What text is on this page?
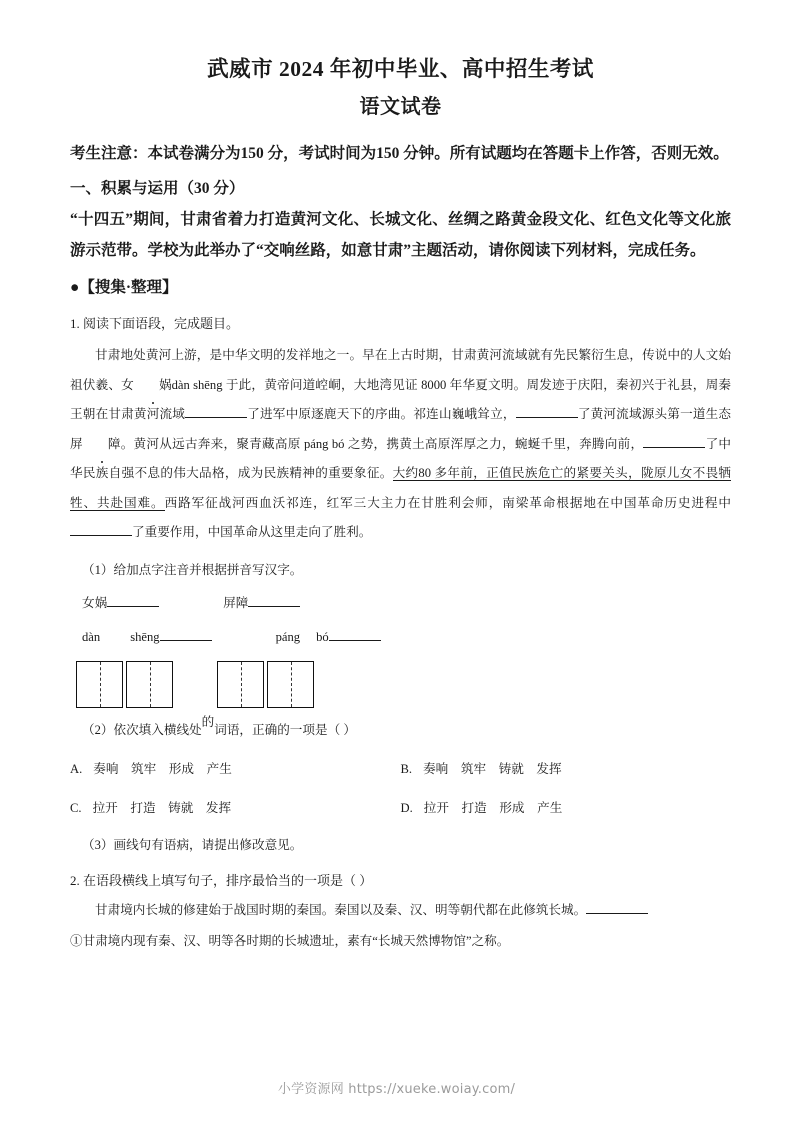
武威市 2024 年初中毕业、高中招生考试
语文试卷
考生注意：本试卷满分为150 分，考试时间为150 分钟。所有试题均在答题卡上作答，否则无效。
一、积累与运用（30 分）
“十四五”期间，甘肃省着力打造黄河文化、长城文化、丝绸之路黄金段文化、红色文化等文化旅游示范带。学校为此举办了“交响丝路，如意甘肃”主题活动，请你阅读下列材料，完成任务。
●【搜集·整理】
1. 阅读下面语段，完成题目。
甘肃地处黄河上游，是中华文明的发祥地之一。早在上古时期，甘肃黄河流域就有先民繁衍生息，传说中的人文始祖伏羲、女 娲dàn shēng 于此，黄帝问道崆峒，大地湾见证 8000 年华夏文明。周发迹于庆阳，秦初兴于礼县，周秦王朝在甘肃黄河流域	了进军中原逐鹿天下的序曲。祁连山巍峨耸立，	了黄河流域源头第一道生态屏 障。黄河从远古奔来，聚青藏高原 páng bó 之势，携黄土高原浑厚之力，蜿蜒千里，奔腾向前，	了中华民族自强不息的伟大品格，成为民族精神的重要象征。大约80 多年前，正值民族危亡的紧要关头，陇原儿女不畏牺牲、共赴国难。西路军征战河西血沃祁连，红军三大主力在甘胜利会师，南梁革命根据地在中国革命历史进程中了重要作用，中国革命从这里走向了胜利。
（1）给加点字注音并根据拼音写汉字。
女娲	屏障
dàn shēng	páng bó
（2）依次填入横线处的词语，正确的一项是（ ）
A. 奏响　筑牢　形成　产生	B. 奏响　筑牢　铸就　发挥
C. 拉开　打造　铸就　发挥	D. 拉开　打造　形成　产生
（3）画线句有语病，请提出修改意见。
2. 在语段横线上填写句子，排序最恰当的一项是（ ）
甘肃境内长城的修建始于战国时期的秦国。秦国以及秦、汉、明等朝代都在此修筑长城。
①甘肃境内现有秦、汉、明等各时期的长城遗址，素有“长城天然博物馆”之称。
小学资源网 https://xueke.woiay.com/
